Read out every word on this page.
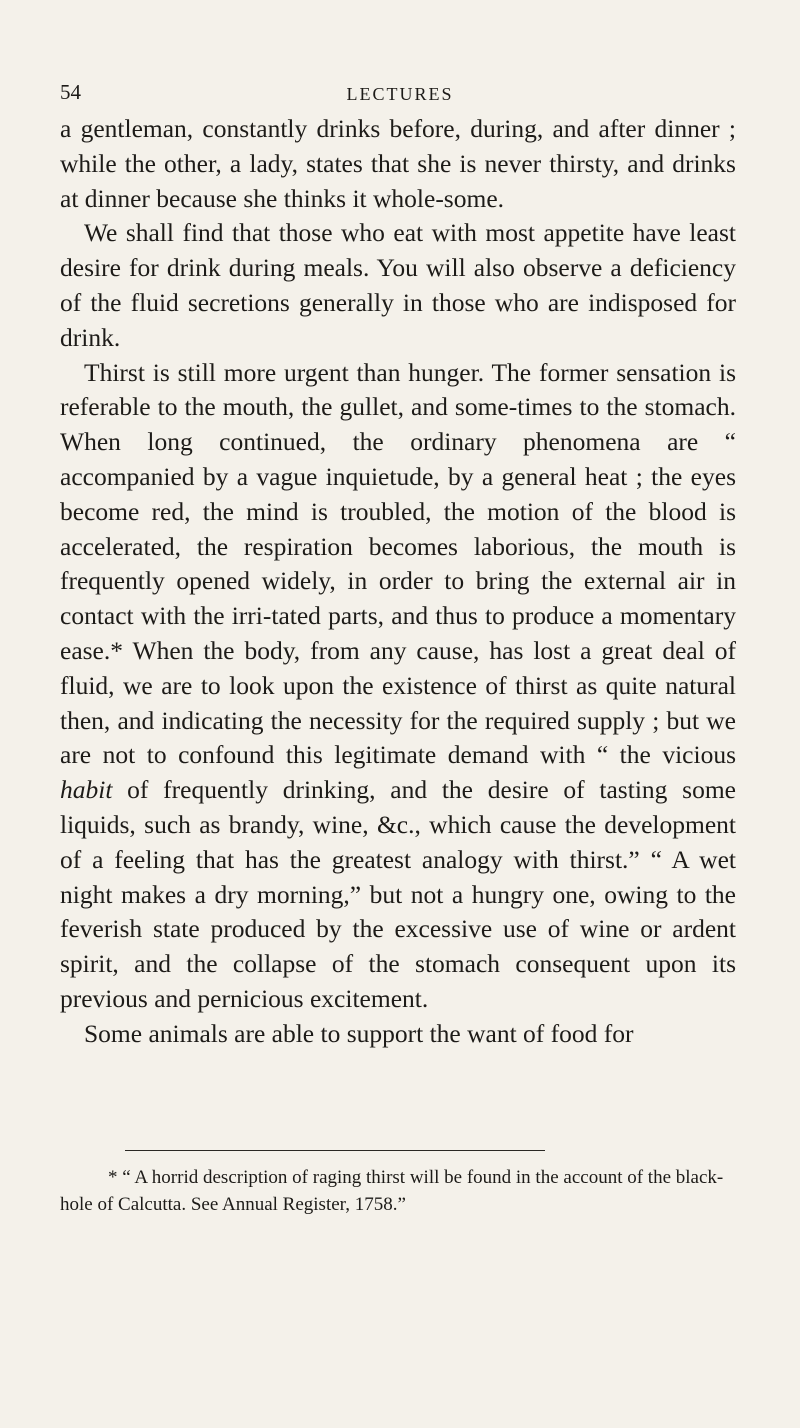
54	LECTURES

a gentleman, constantly drinks before, during, and after dinner ; while the other, a lady, states that she is never thirsty, and drinks at dinner because she thinks it whole-some.

We shall find that those who eat with most appetite have least desire for drink during meals. You will also observe a deficiency of the fluid secretions generally in those who are indisposed for drink.

Thirst is still more urgent than hunger. The former sensation is referable to the mouth, the gullet, and some-times to the stomach. When long continued, the ordinary phenomena are “ accompanied by a vague inquietude, by a general heat ; the eyes become red, the mind is troubled, the motion of the blood is accelerated, the respiration becomes laborious, the mouth is frequently opened widely, in order to bring the external air in contact with the irri-tated parts, and thus to produce a momentary ease.* When the body, from any cause, has lost a great deal of fluid, we are to look upon the existence of thirst as quite natural then, and indicating the necessity for the required supply ; but we are not to confound this legitimate demand with “ the vicious habit of frequently drinking, and the desire of tasting some liquids, such as brandy, wine, &c., which cause the development of a feeling that has the greatest analogy with thirst.” “ A wet night makes a dry morning,” but not a hungry one, owing to the feverish state produced by the excessive use of wine or ardent spirit, and the collapse of the stomach consequent upon its previous and pernicious excitement.

Some animals are able to support the want of food for

* “ A horrid description of raging thirst will be found in the account of the black-hole of Calcutta. See Annual Register, 1758.”
